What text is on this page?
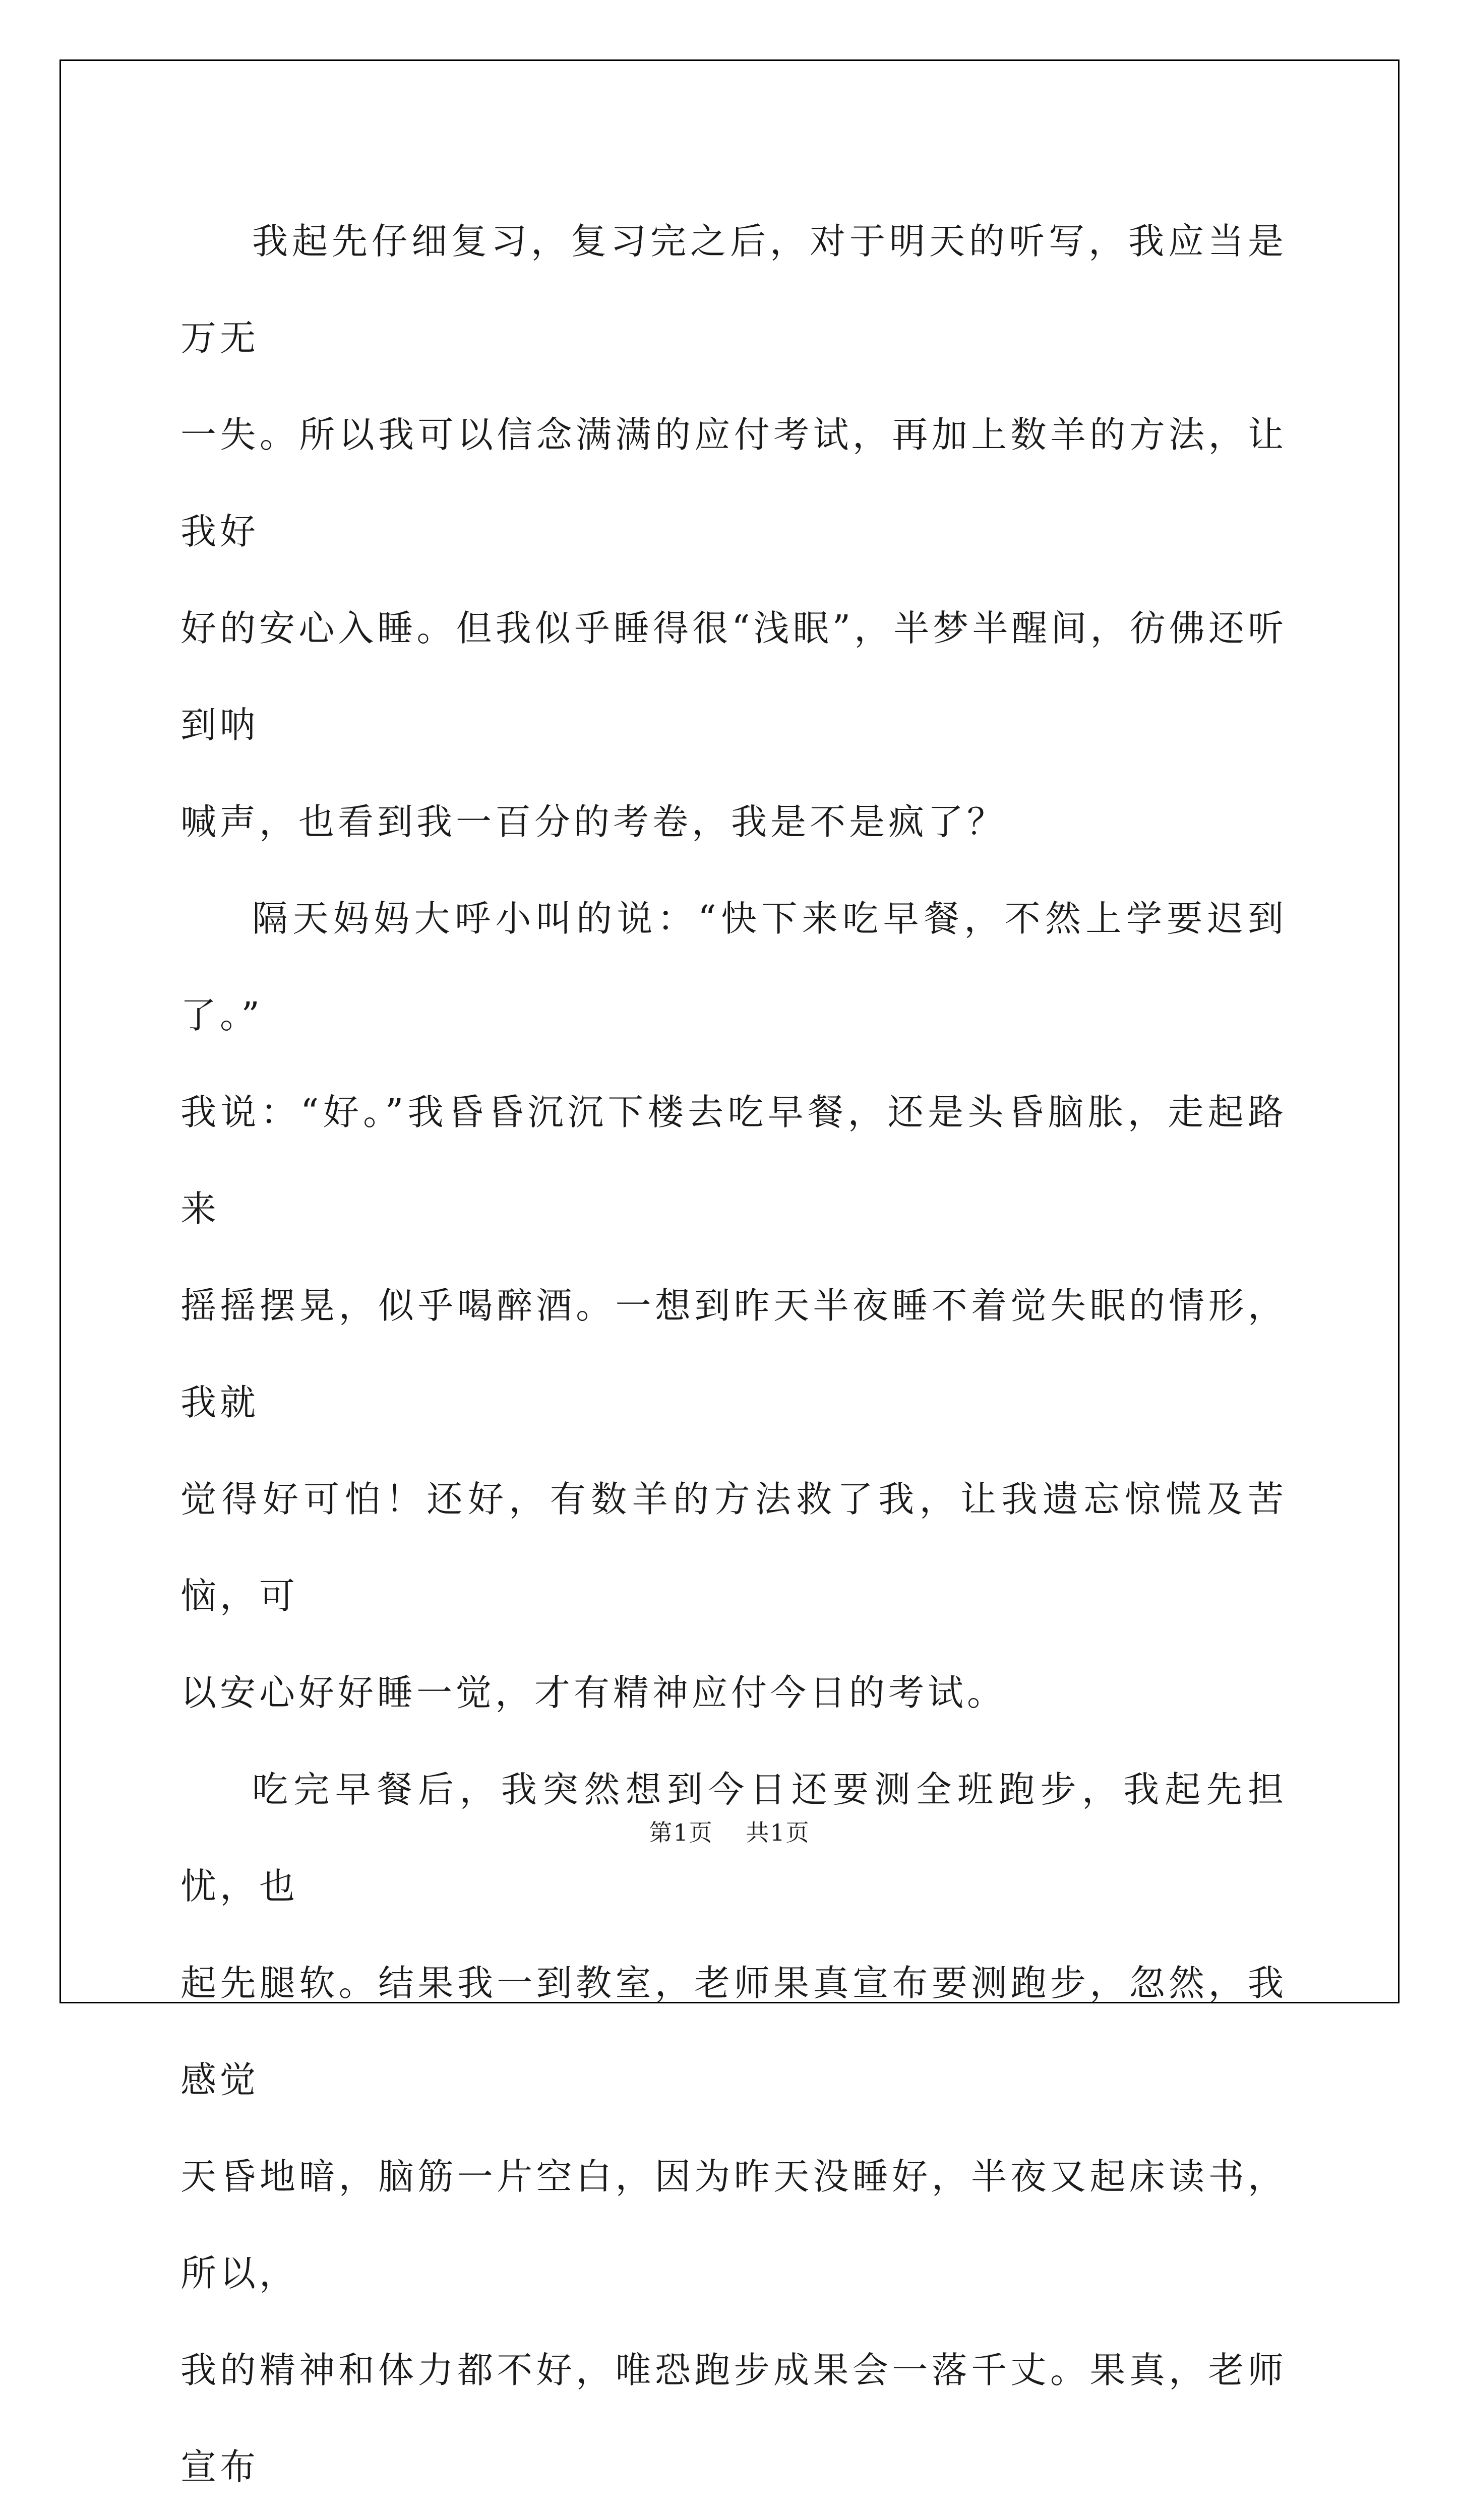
我起先仔细复习，复习完之后，对于明天的听写，我应当是万无
一失。所以我可以信念满满的应付考试，再加上数羊的方法，让我好
好的安心入睡。但我似乎睡得很“浅眠”，半梦半醒间，彷佛还听到呐
喊声，也看到我一百分的考卷，我是不是疯了？

隔天妈妈大呼小叫的说：“快下来吃早餐，不然上学要迟到了。”
我说：“好。”我昏昏沉沉下楼去吃早餐，还是头昏脑胀，走起路来
摇摇摆晃，似乎喝醉酒。一想到昨天半夜睡不着觉失眠的情形，我就
觉得好可怕！还好，有数羊的方法救了我，让我遗忘惊慌及苦恼，可
以安心好好睡一觉，才有精神应付今日的考试。

吃完早餐后，我突然想到今日还要测全班跑步，我起先担忧，也
起先腿软。结果我一到教室，老师果真宣布要测跑步，忽然，我感觉
天昏地暗，脑筋一片空白，因为昨天没睡好，半夜又起床读书，所以，
我的精神和体力都不好，唯恐跑步成果会一落千丈。果真，老师宣布

第1页 共1页
